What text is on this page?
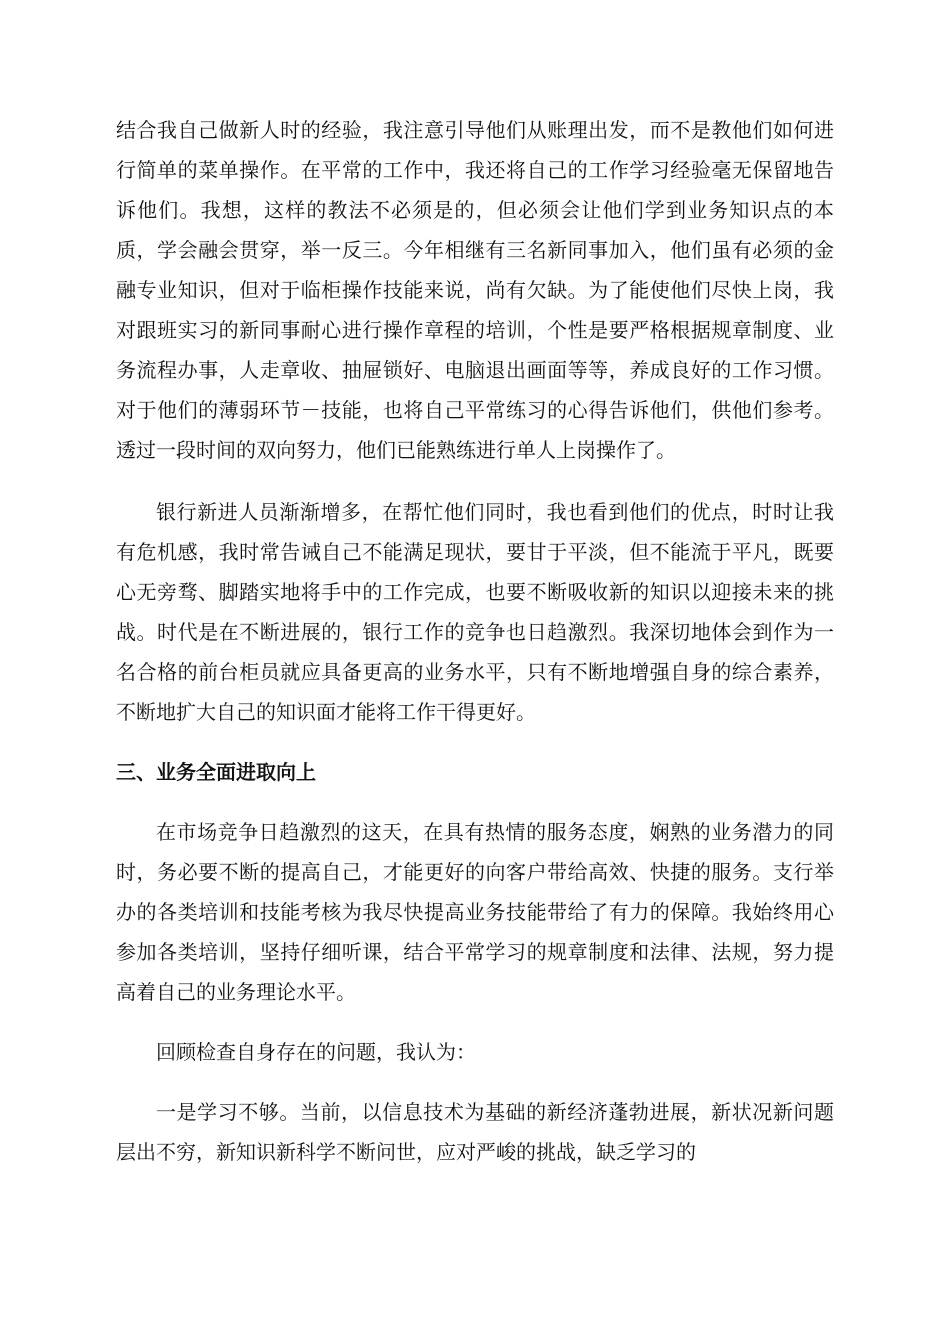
结合我自己做新人时的经验，我注意引导他们从账理出发，而不是教他们如何进行简单的菜单操作。在平常的工作中，我还将自己的工作学习经验毫无保留地告诉他们。我想，这样的教法不必须是的，但必须会让他们学到业务知识点的本质，学会融会贯穿，举一反三。今年相继有三名新同事加入，他们虽有必须的金融专业知识，但对于临柜操作技能来说，尚有欠缺。为了能使他们尽快上岗，我对跟班实习的新同事耐心进行操作章程的培训，个性是要严格根据规章制度、业务流程办事，人走章收、抽屉锁好、电脑退出画面等等，养成良好的工作习惯。对于他们的薄弱环节－技能，也将自己平常练习的心得告诉他们，供他们参考。透过一段时间的双向努力，他们已能熟练进行单人上岗操作了。

银行新进人员渐渐增多，在帮忙他们同时，我也看到他们的优点，时时让我有危机感，我时常告诫自己不能满足现状，要甘于平淡，但不能流于平凡，既要心无旁骛、脚踏实地将手中的工作完成，也要不断吸收新的知识以迎接未来的挑战。时代是在不断进展的，银行工作的竞争也日趋激烈。我深切地体会到作为一名合格的前台柜员就应具备更高的业务水平，只有不断地增强自身的综合素养，不断地扩大自己的知识面才能将工作干得更好。

三、业务全面进取向上

在市场竞争日趋激烈的这天，在具有热情的服务态度，娴熟的业务潜力的同时，务必要不断的提高自己，才能更好的向客户带给高效、快捷的服务。支行举办的各类培训和技能考核为我尽快提高业务技能带给了有力的保障。我始终用心参加各类培训，坚持仔细听课，结合平常学习的规章制度和法律、法规，努力提高着自己的业务理论水平。

回顾检查自身存在的问题，我认为：

一是学习不够。当前，以信息技术为基础的新经济蓬勃进展，新状况新问题层出不穷，新知识新科学不断问世，应对严峻的挑战，缺乏学习的
